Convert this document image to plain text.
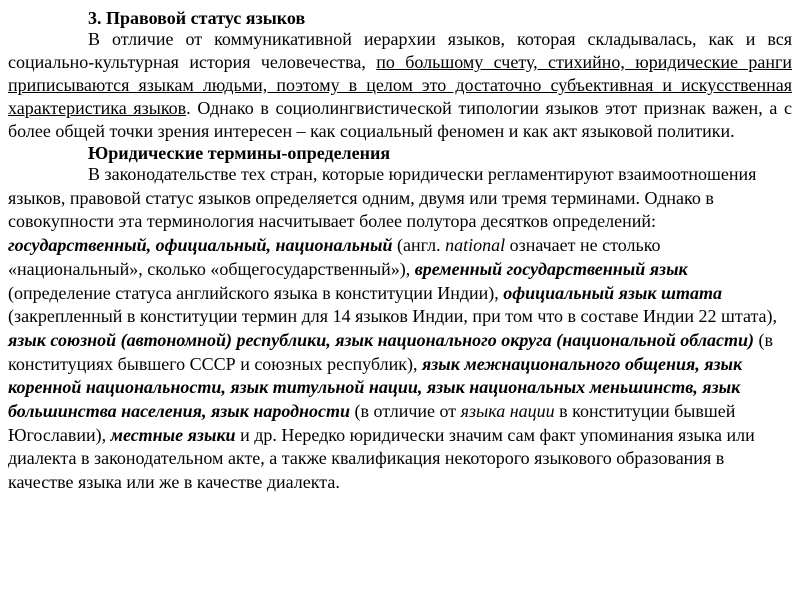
3. Правовой статус языков

В отличие от коммуникативной иерархии языков, которая складывалась, как и вся социально-культурная история человечества, по большому счету, стихийно, юридические ранги приписываются языкам людьми, поэтому в целом это достаточно субъективная и искусственная характеристика языков. Однако в социолингвистической типологии языков этот признак важен, а с более общей точки зрения интересен – как социальный феномен и как акт языковой политики.

Юридические термины-определения

В законодательстве тех стран, которые юридически регламентируют взаимоотношения языков, правовой статус языков определяется одним, двумя или тремя терминами. Однако в совокупности эта терминология насчитывает более полутора десятков определений: государственный, официальный, национальный (англ. national означает не столько «национальный», сколько «общегосударственный»), временный государственный язык (определение статуса английского языка в конституции Индии), официальный язык штата (закрепленный в конституции термин для 14 языков Индии, при том что в составе Индии 22 штата), язык союзной (автономной) республики, язык национального округа (национальной области) (в конституциях бывшего СССР и союзных республик), язык межнационального общения, язык коренной национальности, язык титульной нации, язык национальных меньшинств, язык большинства населения, язык народности (в отличие от языка нации в конституции бывшей Югославии), местные языки и др. Нередко юридически значим сам факт упоминания языка или диалекта в законодательном акте, а также квалификация некоторого языкового образования в качестве языка или же в качестве диалекта.
